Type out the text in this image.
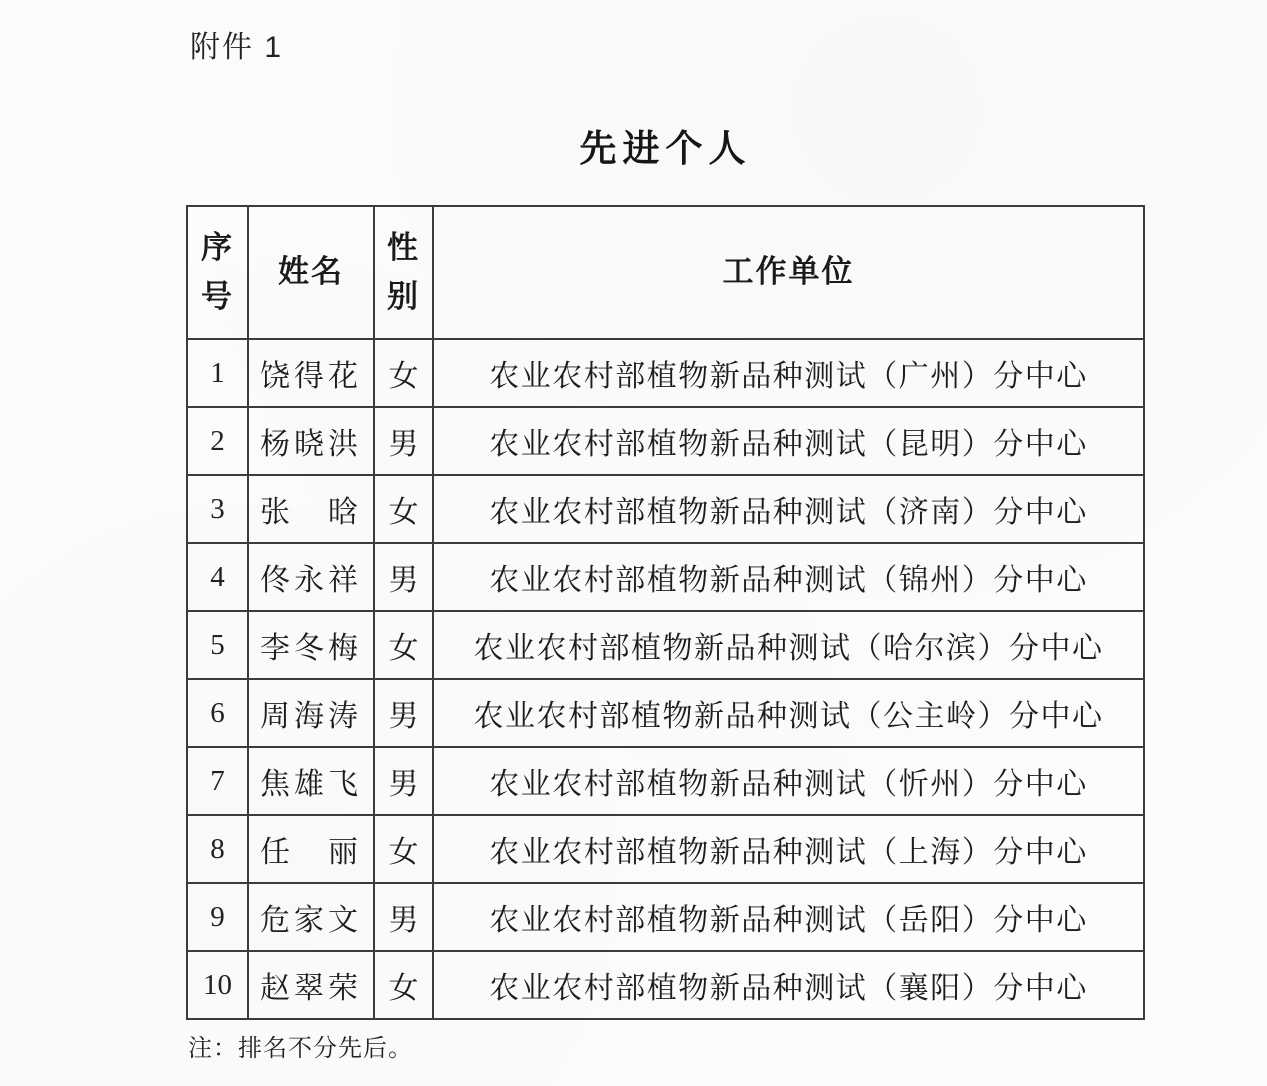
附件 1
先进个人
序号	姓名	性别	工作单位
1	饶得花	女	农业农村部植物新品种测试（广州）分中心
2	杨晓洪	男	农业农村部植物新品种测试（昆明）分中心
3	张　晗	女	农业农村部植物新品种测试（济南）分中心
4	佟永祥	男	农业农村部植物新品种测试（锦州）分中心
5	李冬梅	女	农业农村部植物新品种测试（哈尔滨）分中心
6	周海涛	男	农业农村部植物新品种测试（公主岭）分中心
7	焦雄飞	男	农业农村部植物新品种测试（忻州）分中心
8	任　丽	女	农业农村部植物新品种测试（上海）分中心
9	危家文	男	农业农村部植物新品种测试（岳阳）分中心
10	赵翠荣	女	农业农村部植物新品种测试（襄阳）分中心
注：排名不分先后。
